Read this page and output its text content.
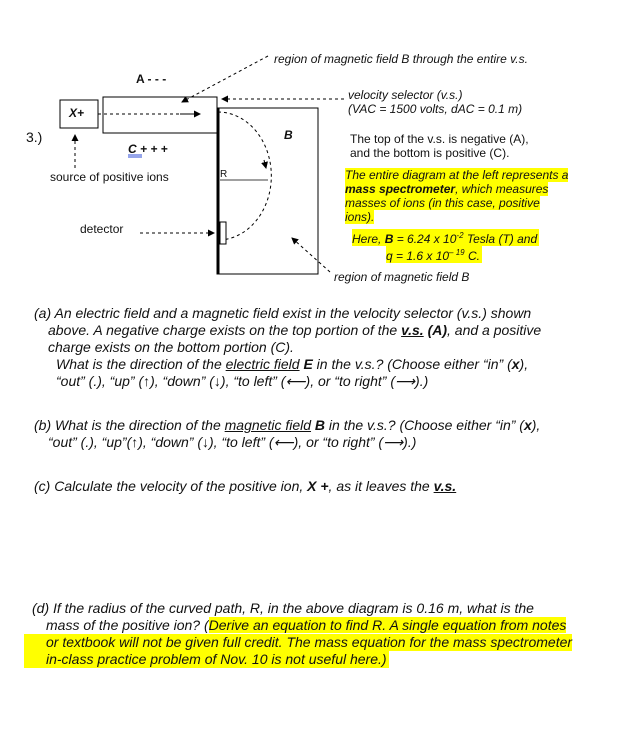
3.)
A - - -
X+
C + + +
B
R
source of positive ions
detector
region of magnetic field B through the entire v.s.
velocity selector (v.s.)
(VAC = 1500 volts, dAC = 0.1 m)
The top of the v.s. is negative (A),
and the bottom is positive (C).
The entire diagram at the left represents a
mass spectrometer, which measures
masses of ions (in this case, positive
ions).
Here, B = 6.24 x $10^{-2}$ Tesla (T) and
q = 1.6 x $10^{- 19}$ C.
region of magnetic field B
(a) An electric field and a magnetic field exist in the velocity selector (v.s.) shown
above. A negative charge exists on the top portion of the v.s. (A), and a positive
charge exists on the bottom portion (C).
What is the direction of the electric field E in the v.s.? (Choose either “in” (x),
“out” (.), “up” (↑), “down” (↓), “to left” (⟵), or “to right” (⟶).)
(b) What is the direction of the magnetic field B in the v.s.? (Choose either “in” (x),
“out” (.), “up”(↑), “down” (↓), “to left” (⟵), or “to right” (⟶).)
(c) Calculate the velocity of the positive ion, X +, as it leaves the v.s.
(d) If the radius of the curved path, R, in the above diagram is 0.16 m, what is the
mass of the positive ion? (Derive an equation to find R. A single equation from notes
or textbook will not be given full credit. The mass equation for the mass spectrometer in-class practice problem of Nov. 10 is not useful here.)
